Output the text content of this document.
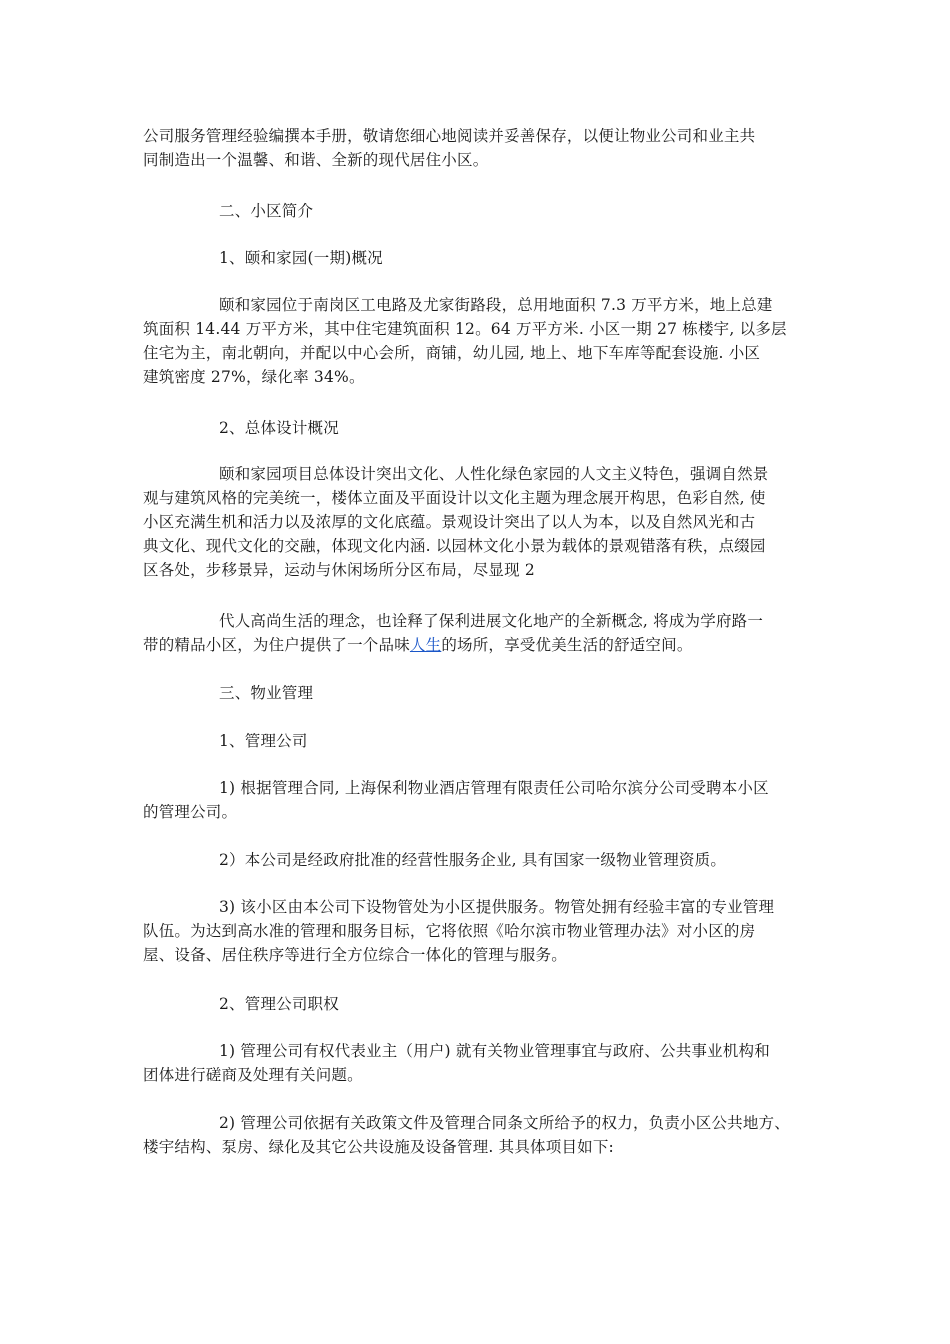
公司服务管理经验编撰本手册，敬请您细心地阅读并妥善保存，以便让物业公司和业主共
同制造出一个温馨、和谐、全新的现代居住小区。
二、小区简介
1、颐和家园(一期)概况
颐和家园位于南岗区工电路及尤家街路段，总用地面积 7.3 万平方米，地上总建
筑面积 14.44 万平方米，其中住宅建筑面积 12。64 万平方米. 小区一期 27 栋楼宇, 以多层
住宅为主，南北朝向，并配以中心会所，商铺，幼儿园, 地上、地下车库等配套设施. 小区
建筑密度 27%，绿化率 34%。
2、总体设计概况
颐和家园项目总体设计突出文化、人性化绿色家园的人文主义特色，强调自然景
观与建筑风格的完美统一，楼体立面及平面设计以文化主题为理念展开构思，色彩自然, 使
小区充满生机和活力以及浓厚的文化底蕴。景观设计突出了以人为本，以及自然风光和古
典文化、现代文化的交融，体现文化内涵. 以园林文化小景为载体的景观错落有秩，点缀园
区各处，步移景异，运动与休闲场所分区布局，尽显现 2
代人高尚生活的理念，也诠释了保利进展文化地产的全新概念, 将成为学府路一
带的精品小区，为住户提供了一个品味人生的场所，享受优美生活的舒适空间。
三、物业管理
1、管理公司
1) 根据管理合同, 上海保利物业酒店管理有限责任公司哈尔滨分公司受聘本小区
的管理公司。
2）本公司是经政府批准的经营性服务企业, 具有国家一级物业管理资质。
3) 该小区由本公司下设物管处为小区提供服务。物管处拥有经验丰富的专业管理
队伍。为达到高水准的管理和服务目标，它将依照《哈尔滨市物业管理办法》对小区的房
屋、设备、居住秩序等进行全方位综合一体化的管理与服务。
2、管理公司职权
1) 管理公司有权代表业主（用户) 就有关物业管理事宜与政府、公共事业机构和
团体进行磋商及处理有关问题。
2) 管理公司依据有关政策文件及管理合同条文所给予的权力，负责小区公共地方、
楼宇结构、泵房、绿化及其它公共设施及设备管理. 其具体项目如下:
